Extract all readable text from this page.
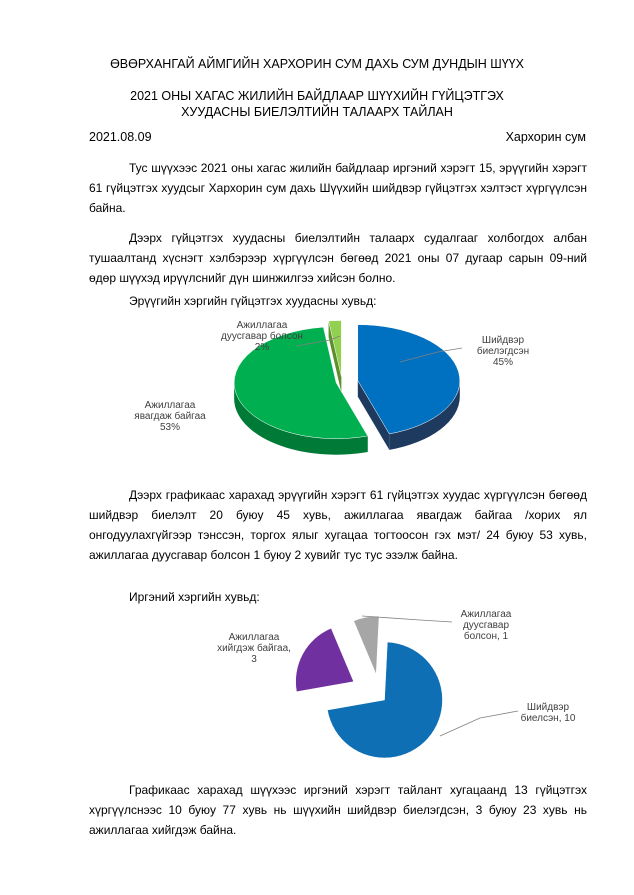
ӨВӨРХАНГАЙ АЙМГИЙН ХАРХОРИН СУМ ДАХЬ СУМ ДУНДЫН ШҮҮХ
2021 ОНЫ ХАГАС ЖИЛИЙН БАЙДЛААР ШҮҮХИЙН ГҮЙЦЭТГЭХ ХУУДАСНЫ БИЕЛЭЛТИЙН ТАЛААРХ ТАЙЛАН
2021.08.09	Хархорин сум
Тус шүүхээс 2021 оны хагас жилийн байдлаар иргэний хэрэгт 15, эрүүгийн хэрэгт 61 гүйцэтгэх хуудсыг Хархорин сум дахь Шүүхийн шийдвэр гүйцэтгэх хэлтэст хүргүүлсэн байна.
Дээрх гүйцэтгэх хуудасны биелэлтийн талаарх судалгааг холбогдох албан тушаалтанд хүснэгт хэлбэрээр хүргүүлсэн бөгөөд 2021 оны 07 дугаар сарын 09-ний өдөр шүүхэд ирүүлснийг дүн шинжилгээ хийсэн болно.
Эрүүгийн хэргийн гүйцэтгэх хуудасны хувьд:
Шийдвэр биелэгдсэн 45%
Ажиллагаа явагдаж байгаа 53%
Ажиллагаа дуусгавар болсон 2%
Дээрх графикаас харахад эрүүгийн хэрэгт 61 гүйцэтгэх хуудас хүргүүлсэн бөгөөд шийдвэр биелэлт 20 буюу 45 хувь, ажиллагаа явагдаж байгаа /хорих ял онгодуулахгүйгээр тэнссэн, торгох ялыг хугацаа тогтоосон гэх мэт/ 24 буюу 53 хувь, ажиллагаа дуусгавар болсон 1 буюу 2 хувийг тус тус эзэлж байна.
Иргэний хэргийн хувьд:
Шийдвэр биелсэн, 10
Ажиллагаа хийгдэж байгаа, 3
Ажиллагаа дуусгавар болсон, 1
Графикаас харахад шүүхээс иргэний хэрэгт тайлант хугацаанд 13 гүйцэтгэх хүргүүлснээс 10 буюу 77 хувь нь шүүхийн шийдвэр биелэгдсэн, 3 буюу 23 хувь нь ажиллагаа хийгдэж байна.
